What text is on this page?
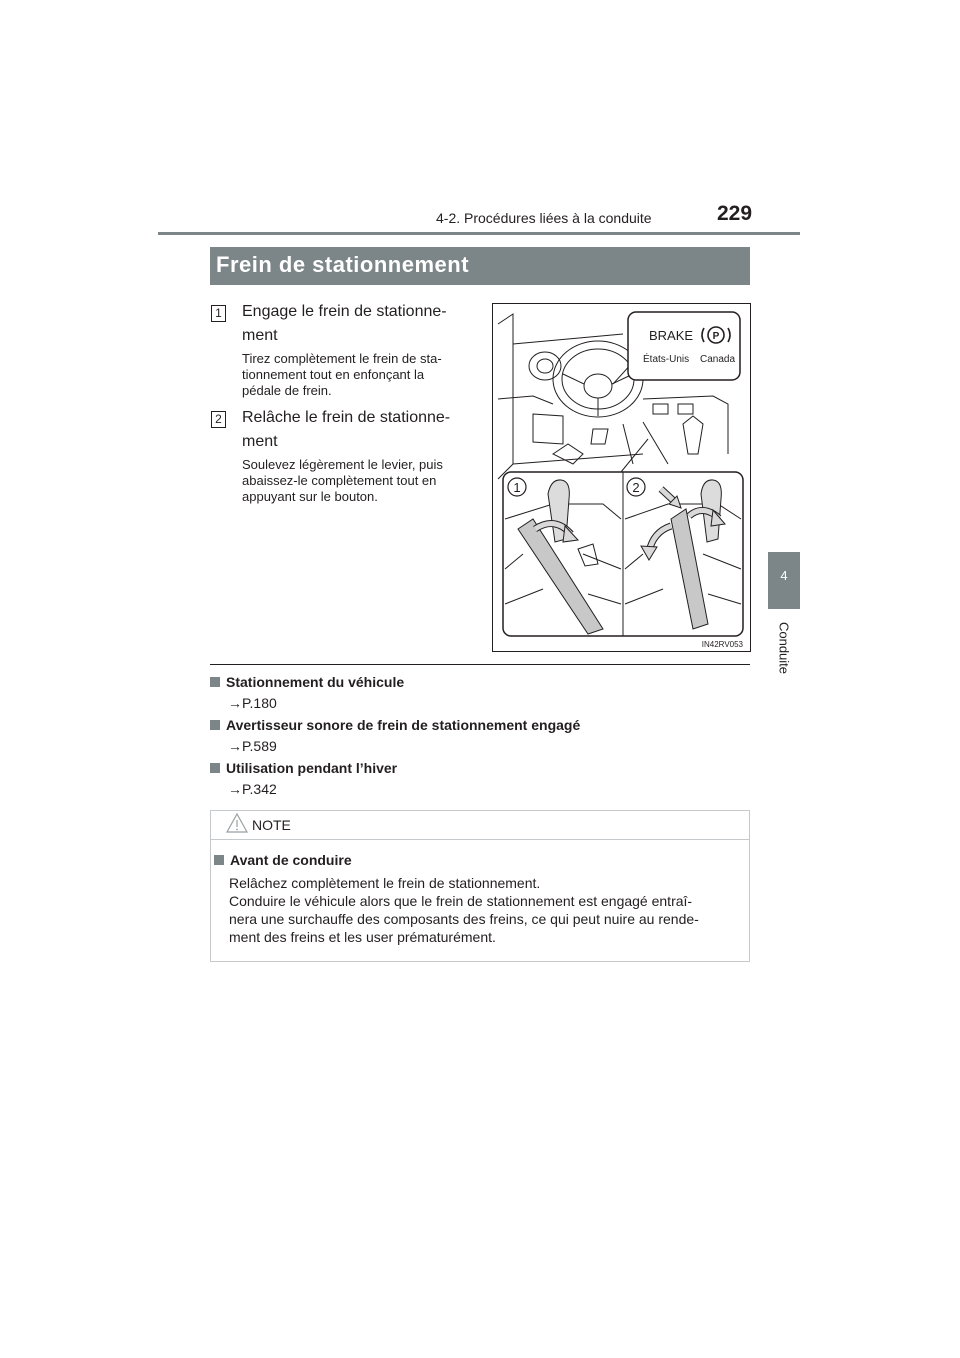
4-2. Procédures liées à la conduite	229
4
Conduite
Frein de stationnement
1 Engage le frein de stationne-
ment
Tirez complètement le frein de sta-
tionnement tout en enfonçant la
pédale de frein.
2 Relâche le frein de stationne-
ment
Soulevez légèrement le levier, puis
abaissez-le complètement tout en
appuyant sur le bouton.
BRAKE P
États-Unis Canada
1	2
IN42RV053
Stationnement du véhicule
→P.180
Avertisseur sonore de frein de stationnement engagé
→P.589
Utilisation pendant l’hiver
→P.342
NOTE
Avant de conduire
Relâchez complètement le frein de stationnement.
Conduire le véhicule alors que le frein de stationnement est engagé entraî-
nera une surchauffe des composants des freins, ce qui peut nuire au rende-
ment des freins et les user prématurément.
